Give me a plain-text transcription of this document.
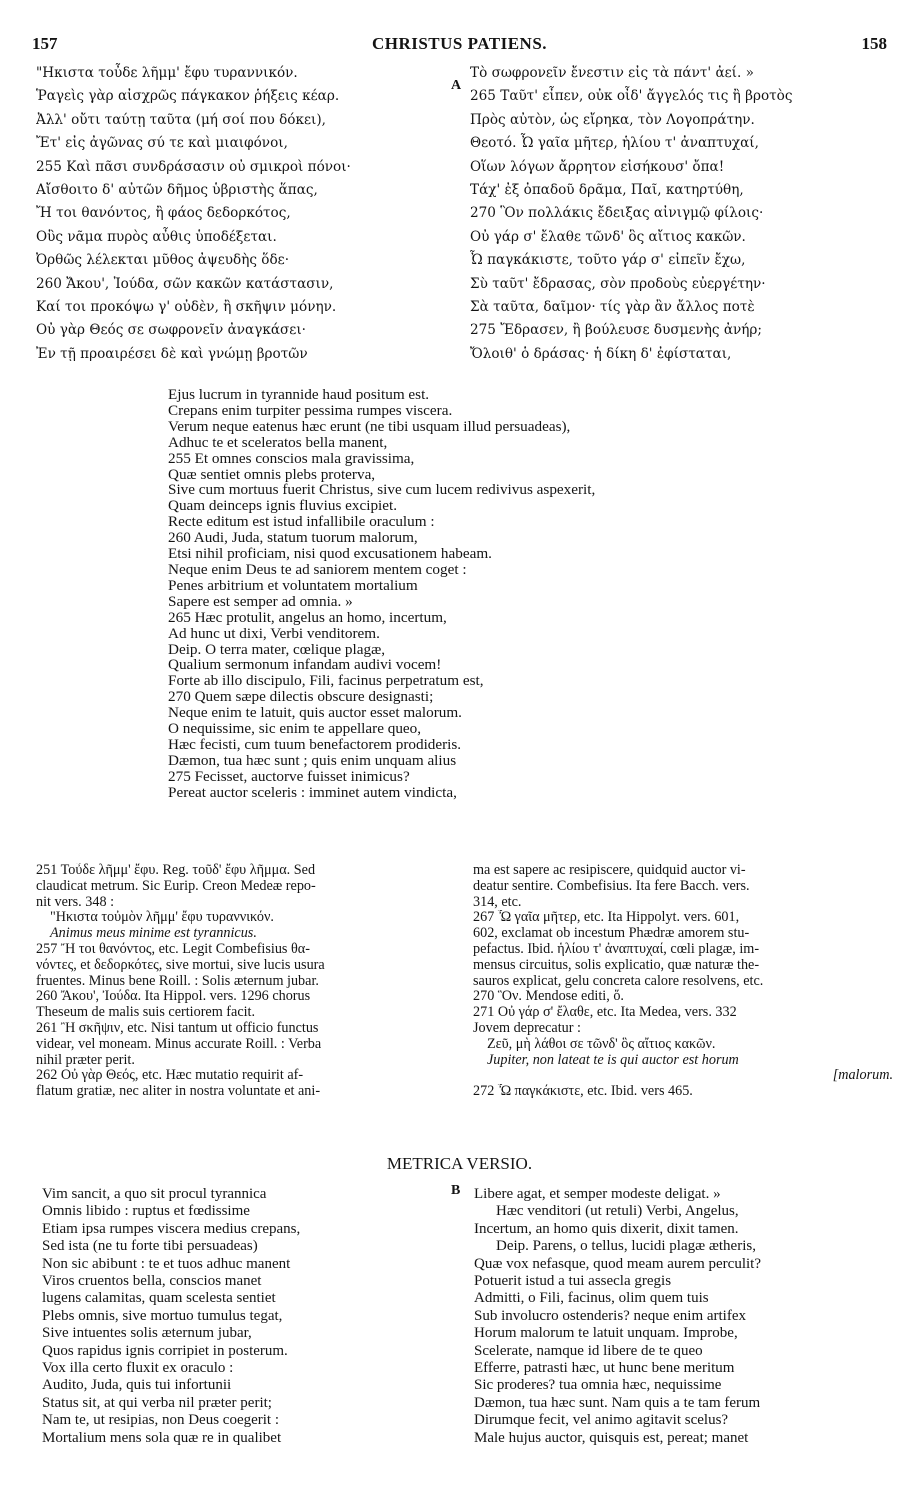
157	CHRISTUS PATIENS.	158
A
B
"Ηκιστα τοὖδε λῆμμ' ἔφυ τυραννικόν.
Ῥαγεὶς γὰρ αἰσχρῶς πάγκακον ῥήξεις κέαρ.
Ἀλλ' οὔτι ταύτῃ ταῦτα (μή σοί που δόκει),
Ἔτ' εἰς ἀγῶνας σύ τε καὶ μιαιφόνοι,
255 Καὶ πᾶσι συνδράσασιν οὐ σμικροὶ πόνοι·
Αἴσθοιτο δ' αὐτῶν δῆμος ὑβριστὴς ἅπας,
Ἤ τοι θανόντος, ἢ φάος δεδορκότος,
Οὓς νᾶμα πυρὸς αὖθις ὑποδέξεται.
Ὀρθῶς λέλεκται μῦθος ἀψευδὴς ὅδε·
260 Ἄκου', Ἰούδα, σῶν κακῶν κατάστασιν,
Καί τοι προκόψω γ' οὐδὲν, ἢ σκῆψιν μόνην.
Οὐ γὰρ Θεός σε σωφρονεῖν ἀναγκάσει·
Ἐν τῇ προαιρέσει δὲ καὶ γνώμῃ βροτῶν
Τὸ σωφρονεῖν ἔνεστιν εἰς τὰ πάντ' ἀεί. »
265 Ταῦτ' εἶπεν, οὐκ οἶδ' ἄγγελός τις ἢ βροτὸς
Πρὸς αὐτὸν, ὡς εἴρηκα, τὸν Λογοπράτην.
Θεοτό. Ὦ γαῖα μῆτερ, ἡλίου τ' ἀναπτυχαί,
Οἵων λόγων ἄρρητον εἰσήκουσ' ὄπα!
Τάχ' ἐξ ὀπαδοῦ δρᾶμα, Παῖ, κατηρτύθη,
270 Ὃν πολλάκις ἔδειξας αἰνιγμῷ φίλοις·
Οὐ γάρ σ' ἔλαθε τῶνδ' ὃς αἴτιος κακῶν.
Ὦ παγκάκιστε, τοῦτο γάρ σ' εἰπεῖν ἔχω,
Σὺ ταῦτ' ἔδρασας, σὸν προδοὺς εὐεργέτην·
Σὰ ταῦτα, δαῖμον· τίς γὰρ ἂν ἄλλος ποτὲ
275 Ἔδρασεν, ἢ βούλευσε δυσμενὴς ἀνήρ;
Ὄλοιθ' ὁ δράσας· ἡ δίκη δ' ἐφίσταται,
Ejus lucrum in tyrannide haud positum est.
Crepans enim turpiter pessima rumpes viscera.
Verum neque eatenus hæc erunt (ne tibi usquam illud persuadeas),
Adhuc te et sceleratos bella manent,
255 Et omnes conscios mala gravissima,
Quæ sentiet omnis plebs proterva,
Sive cum mortuus fuerit Christus, sive cum lucem redivivus aspexerit,
Quam deinceps ignis fluvius excipiet.
Recte editum est istud infallibile oraculum :
260 Audi, Juda, statum tuorum malorum,
Etsi nihil proficiam, nisi quod excusationem habeam.
Neque enim Deus te ad saniorem mentem coget :
Penes arbitrium et voluntatem mortalium
Sapere est semper ad omnia. »
265 Hæc protulit, angelus an homo, incertum,
Ad hunc ut dixi, Verbi venditorem.
Deip. O terra mater, cœlique plagæ,
Qualium sermonum infandam audivi vocem!
Forte ab illo discipulo, Fili, facinus perpetratum est,
270 Quem sæpe dilectis obscure designasti;
Neque enim te latuit, quis auctor esset malorum.
O nequissime, sic enim te appellare queo,
Hæc fecisti, cum tuum benefactorem prodideris.
Dæmon, tua hæc sunt ; quis enim unquam alius
275 Fecisset, auctorve fuisset inimicus?
Pereat auctor sceleris : imminet autem vindicta,
251 Τοὖδε λῆμμ' ἔφυ. Reg. τοῦδ' ἔφυ λῆμμα. Sed
claudicat metrum. Sic Eurip. Creon Medeæ repo-
nit vers. 348 :
"Ηκιστα τοὐμὸν λῆμμ' ἔφυ τυραννικόν.
Animus meus minime est tyrannicus.
257 Ἤ τοι θανόντος, etc. Legit Combefisius θα-
νόντες, et δεδορκότες, sive mortui, sive lucis usura
fruentes. Minus bene Roill. : Solis æternum jubar.
260 Ἄκου', Ἰούδα. Ita Hippol. vers. 1296 chorus
Theseum de malis suis certiorem facit.
261 Ἢ σκῆψιν, etc. Nisi tantum ut officio functus
videar, vel moneam. Minus accurate Roill. : Verba
nihil præter perit.
262 Οὐ γὰρ Θεός, etc. Hæc mutatio requirit af-
flatum gratiæ, nec aliter in nostra voluntate et ani-
ma est sapere ac resipiscere, quidquid auctor vi-
deatur sentire. Combefisius. Ita fere Bacch. vers.
314, etc.
267 Ὦ γαῖα μῆτερ, etc. Ita Hippolyt. vers. 601,
602, exclamat ob incestum Phædræ amorem stu-
pefactus. Ibid. ἡλίου τ' ἀναπτυχαί, cœli plagæ, im-
mensus circuitus, solis explicatio, quæ naturæ the-
sauros explicat, gelu concreta calore resolvens, etc.
270 Ὃν. Mendose editi, ὅ.
271 Οὐ γάρ σ' ἔλαθε, etc. Ita Medea, vers. 332
Jovem deprecatur :
Ζεῦ, μὴ λάθοι σε τῶνδ' ὃς αἴτιος κακῶν.
Jupiter, non lateat te is qui auctor est horum
[malorum.
272 Ὦ παγκάκιστε, etc. Ibid. vers 465.
METRICA VERSIO.
Vim sancit, a quo sit procul tyrannica
Omnis libido : ruptus et fœdissime
Etiam ipsa rumpes viscera medius crepans,
Sed ista (ne tu forte tibi persuadeas)
Non sic abibunt : te et tuos adhuc manent
Viros cruentos bella, conscios manet
lugens calamitas, quam scelesta sentiet
Plebs omnis, sive mortuo tumulus tegat,
Sive intuentes solis æternum jubar,
Quos rapidus ignis corripiet in posterum.
Vox illa certo fluxit ex oraculo :
Audito, Juda, quis tui infortunii
Status sit, at qui verba nil præter perit;
Nam te, ut resipias, non Deus coegerit :
Mortalium mens sola quæ re in qualibet
Libere agat, et semper modeste deligat. »
Hæc venditori (ut retuli) Verbi, Angelus,
Incertum, an homo quis dixerit, dixit tamen.
Deip. Parens, o tellus, lucidi plagæ ætheris,
Quæ vox nefasque, quod meam aurem perculit?
Potuerit istud a tui assecla gregis
Admitti, o Fili, facinus, olim quem tuis
Sub involucro ostenderis? neque enim artifex
Horum malorum te latuit unquam. Improbe,
Scelerate, namque id libere de te queo
Efferre, patrasti hæc, ut hunc bene meritum
Sic proderes? tua omnia hæc, nequissime
Dæmon, tua hæc sunt. Nam quis a te tam ferum
Dirumque fecit, vel animo agitavit scelus?
Male hujus auctor, quisquis est, pereat; manet
